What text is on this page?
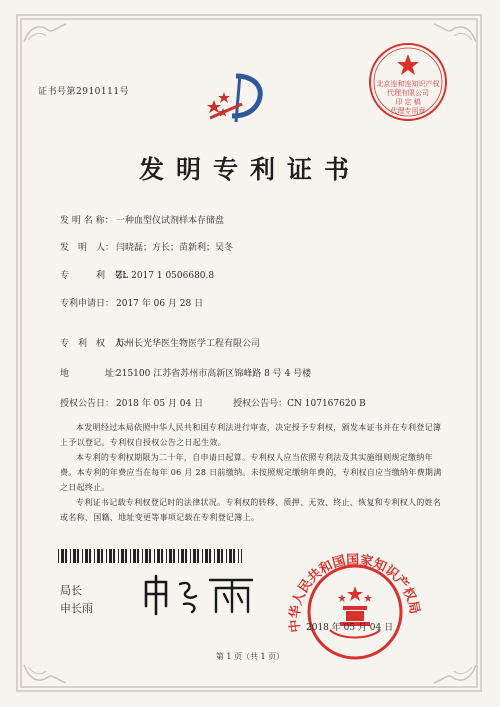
证书号第2910111号
北京连和连知识产权
代理有限公司
印 定 稿
代理专用章
发明专利证书
发 明 名 称： 一种血型仪试剂样本存储盘
发　明　人： 闫晓磊；方长；苗新利；吴冬
专　　　利　号：ZL 2017 1 0506680.8
专利申请日： 2017 年 06 月 28 日
专　利　权　人：苏州长光华医生物医学工程有限公司
地　　　　址：215100 江苏省苏州市高新区锦峰路 8 号 4 号楼
授权公告日： 2018 年 05 月 04 日	授权公告号：CN 107167620 B

本发明经过本局依照中华人民共和国专利法进行审查，决定授予专利权，颁发本证书并在专利登记簿上予以登记。专利权自授权公告之日起生效。

本专利的专利权期限为二十年，自申请日起算。专利权人应当依照专利法及其实施细则规定缴纳年费。本专利的年费应当在每年 06 月 28 日前缴纳。未按照规定缴纳年费的，专利权自应当缴纳年费期满之日起终止。

专利证书记载专利权登记时的法律状况。专利权的转移、质押、无效、终止、恢复和专利权人的姓名或名称、国籍、地址变更等事项记载在专利登记簿上。

局长
申长雨
中华人民共和国国家知识产权局
2018 年 05 月 04 日
第 1 页（共 1 页）
